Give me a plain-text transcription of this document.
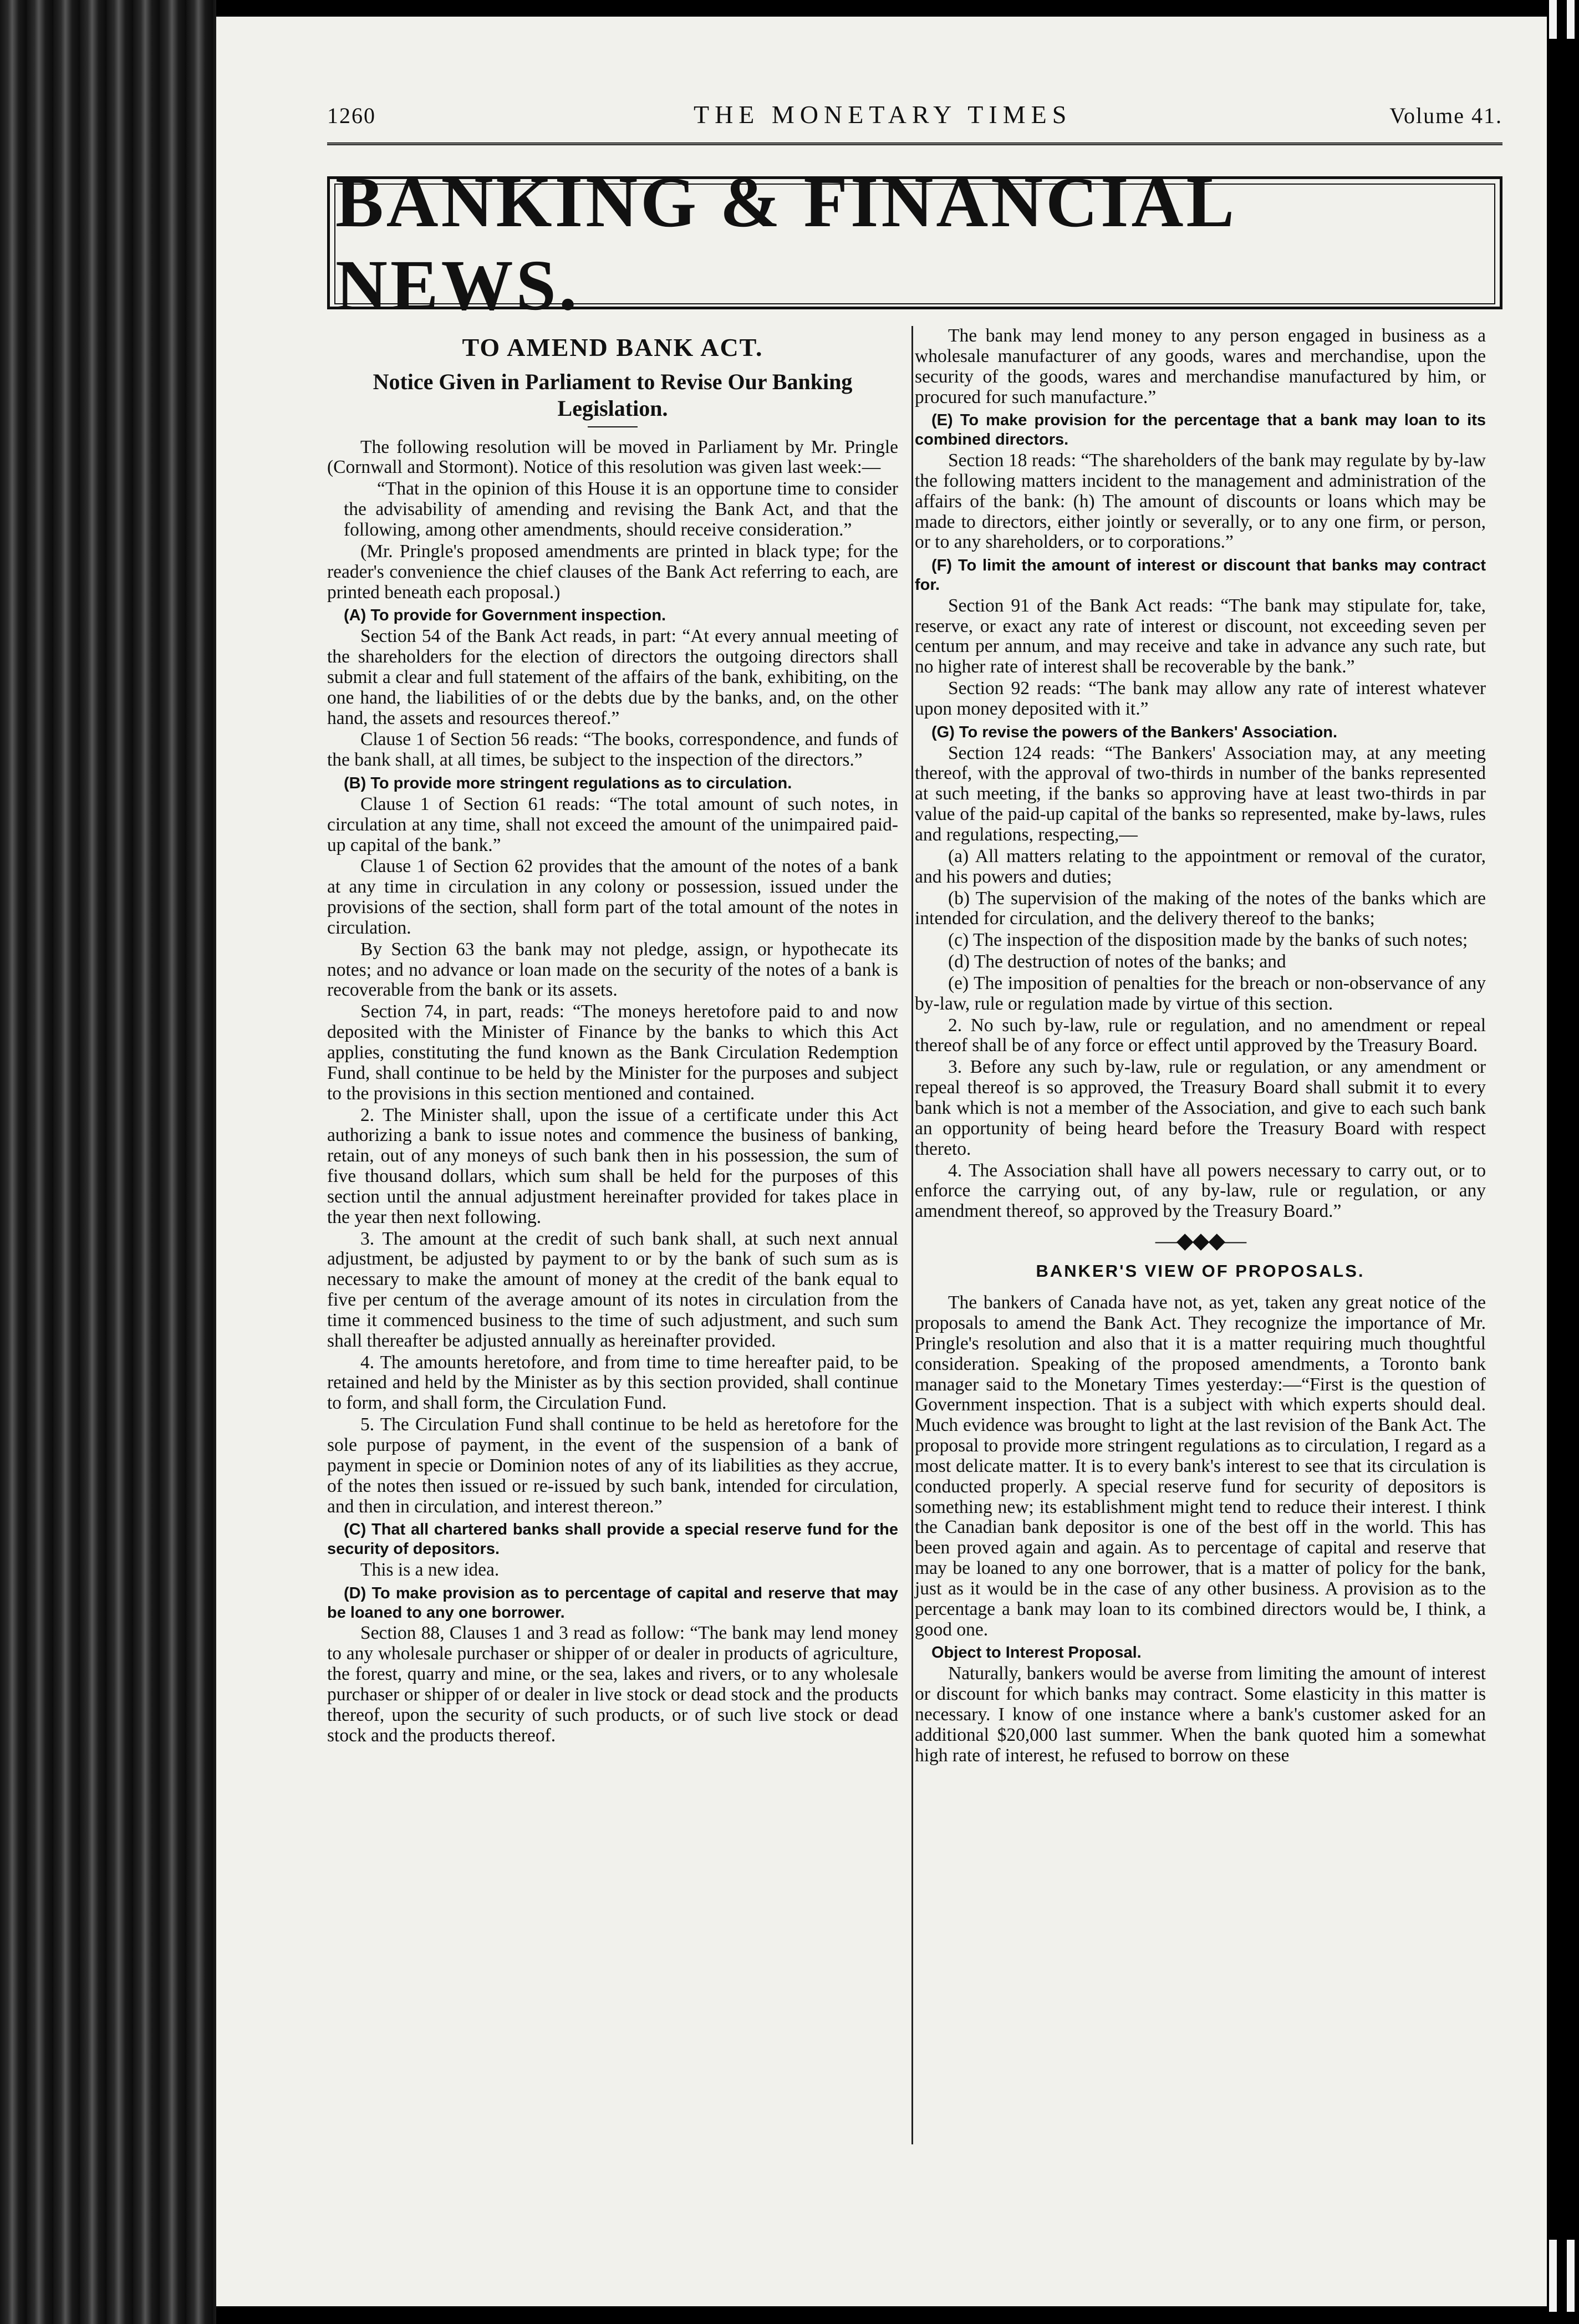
1260	THE MONETARY TIMES	Volume 41.
BANKING & FINANCIAL NEWS.
TO AMEND BANK ACT.
Notice Given in Parliament to Revise Our Banking Legislation.

The following resolution will be moved in Parliament by Mr. Pringle (Cornwall and Stormont). Notice of this resolution was given last week:—

“That in the opinion of this House it is an opportune time to consider the advisability of amending and revising the Bank Act, and that the following, among other amendments, should receive consideration.”

(Mr. Pringle's proposed amendments are printed in black type; for the reader's convenience the chief clauses of the Bank Act referring to each, are printed beneath each proposal.)

(A) To provide for Government inspection.

Section 54 of the Bank Act reads, in part: “At every annual meeting of the shareholders for the election of directors the outgoing directors shall submit a clear and full statement of the affairs of the bank, exhibiting, on the one hand, the liabilities of or the debts due by the banks, and, on the other hand, the assets and resources thereof.”

Clause 1 of Section 56 reads: “The books, correspondence, and funds of the bank shall, at all times, be subject to the inspection of the directors.”

(B) To provide more stringent regulations as to circulation.

Clause 1 of Section 61 reads: “The total amount of such notes, in circulation at any time, shall not exceed the amount of the unimpaired paid-up capital of the bank.”

Clause 1 of Section 62 provides that the amount of the notes of a bank at any time in circulation in any colony or possession, issued under the provisions of the section, shall form part of the total amount of the notes in circulation.

By Section 63 the bank may not pledge, assign, or hypothecate its notes; and no advance or loan made on the security of the notes of a bank is recoverable from the bank or its assets.

Section 74, in part, reads: “The moneys heretofore paid to and now deposited with the Minister of Finance by the banks to which this Act applies, constituting the fund known as the Bank Circulation Redemption Fund, shall continue to be held by the Minister for the purposes and subject to the provisions in this section mentioned and contained.

2. The Minister shall, upon the issue of a certificate under this Act authorizing a bank to issue notes and commence the business of banking, retain, out of any moneys of such bank then in his possession, the sum of five thousand dollars, which sum shall be held for the purposes of this section until the annual adjustment hereinafter provided for takes place in the year then next following.

3. The amount at the credit of such bank shall, at such next annual adjustment, be adjusted by payment to or by the bank of such sum as is necessary to make the amount of money at the credit of the bank equal to five per centum of the average amount of its notes in circulation from the time it commenced business to the time of such adjustment, and such sum shall thereafter be adjusted annually as hereinafter provided.

4. The amounts heretofore, and from time to time hereafter paid, to be retained and held by the Minister as by this section provided, shall continue to form, and shall form, the Circulation Fund.

5. The Circulation Fund shall continue to be held as heretofore for the sole purpose of payment, in the event of the suspension of a bank of payment in specie or Dominion notes of any of its liabilities as they accrue, of the notes then issued or re-issued by such bank, intended for circulation, and then in circulation, and interest thereon.”

(C) That all chartered banks shall provide a special reserve fund for the security of depositors.

This is a new idea.

(D) To make provision as to percentage of capital and reserve that may be loaned to any one borrower.

Section 88, Clauses 1 and 3 read as follow: “The bank may lend money to any wholesale purchaser or shipper of or dealer in products of agriculture, the forest, quarry and mine, or the sea, lakes and rivers, or to any wholesale purchaser or shipper of or dealer in live stock or dead stock and the products thereof, upon the security of such products, or of such live stock or dead stock and the products thereof.

The bank may lend money to any person engaged in business as a wholesale manufacturer of any goods, wares and merchandise, upon the security of the goods, wares and merchandise manufactured by him, or procured for such manufacture.”

(E) To make provision for the percentage that a bank may loan to its combined directors.

Section 18 reads: “The shareholders of the bank may regulate by by-law the following matters incident to the management and administration of the affairs of the bank: (h) The amount of discounts or loans which may be made to directors, either jointly or severally, or to any one firm, or person, or to any shareholders, or to corporations.”

(F) To limit the amount of interest or discount that banks may contract for.

Section 91 of the Bank Act reads: “The bank may stipulate for, take, reserve, or exact any rate of interest or discount, not exceeding seven per centum per annum, and may receive and take in advance any such rate, but no higher rate of interest shall be recoverable by the bank.”

Section 92 reads: “The bank may allow any rate of interest whatever upon money deposited with it.”

(G) To revise the powers of the Bankers' Association.

Section 124 reads: “The Bankers' Association may, at any meeting thereof, with the approval of two-thirds in number of the banks represented at such meeting, if the banks so approving have at least two-thirds in par value of the paid-up capital of the banks so represented, make by-laws, rules and regulations, respecting,—

(a) All matters relating to the appointment or removal of the curator, and his powers and duties;

(b) The supervision of the making of the notes of the banks which are intended for circulation, and the delivery thereof to the banks;

(c) The inspection of the disposition made by the banks of such notes;

(d) The destruction of notes of the banks; and

(e) The imposition of penalties for the breach or non-observance of any by-law, rule or regulation made by virtue of this section.

2. No such by-law, rule or regulation, and no amendment or repeal thereof shall be of any force or effect until approved by the Treasury Board.

3. Before any such by-law, rule or regulation, or any amendment or repeal thereof is so approved, the Treasury Board shall submit it to every bank which is not a member of the Association, and give to each such bank an opportunity of being heard before the Treasury Board with respect thereto.

4. The Association shall have all powers necessary to carry out, or to enforce the carrying out, of any by-law, rule or regulation, or any amendment thereof, so approved by the Treasury Board.”

—◆◆◆—
BANKER'S VIEW OF PROPOSALS.

The bankers of Canada have not, as yet, taken any great notice of the proposals to amend the Bank Act. They recognize the importance of Mr. Pringle's resolution and also that it is a matter requiring much thoughtful consideration. Speaking of the proposed amendments, a Toronto bank manager said to the Monetary Times yesterday:—“First is the question of Government inspection. That is a subject with which experts should deal. Much evidence was brought to light at the last revision of the Bank Act. The proposal to provide more stringent regulations as to circulation, I regard as a most delicate matter. It is to every bank's interest to see that its circulation is conducted properly. A special reserve fund for security of depositors is something new; its establishment might tend to reduce their interest. I think the Canadian bank depositor is one of the best off in the world. This has been proved again and again. As to percentage of capital and reserve that may be loaned to any one borrower, that is a matter of policy for the bank, just as it would be in the case of any other business. A provision as to the percentage a bank may loan to its combined directors would be, I think, a good one.

Object to Interest Proposal.

Naturally, bankers would be averse from limiting the amount of interest or discount for which banks may contract. Some elasticity in this matter is necessary. I know of one instance where a bank's customer asked for an additional $20,000 last summer. When the bank quoted him a somewhat high rate of interest, he refused to borrow on these
